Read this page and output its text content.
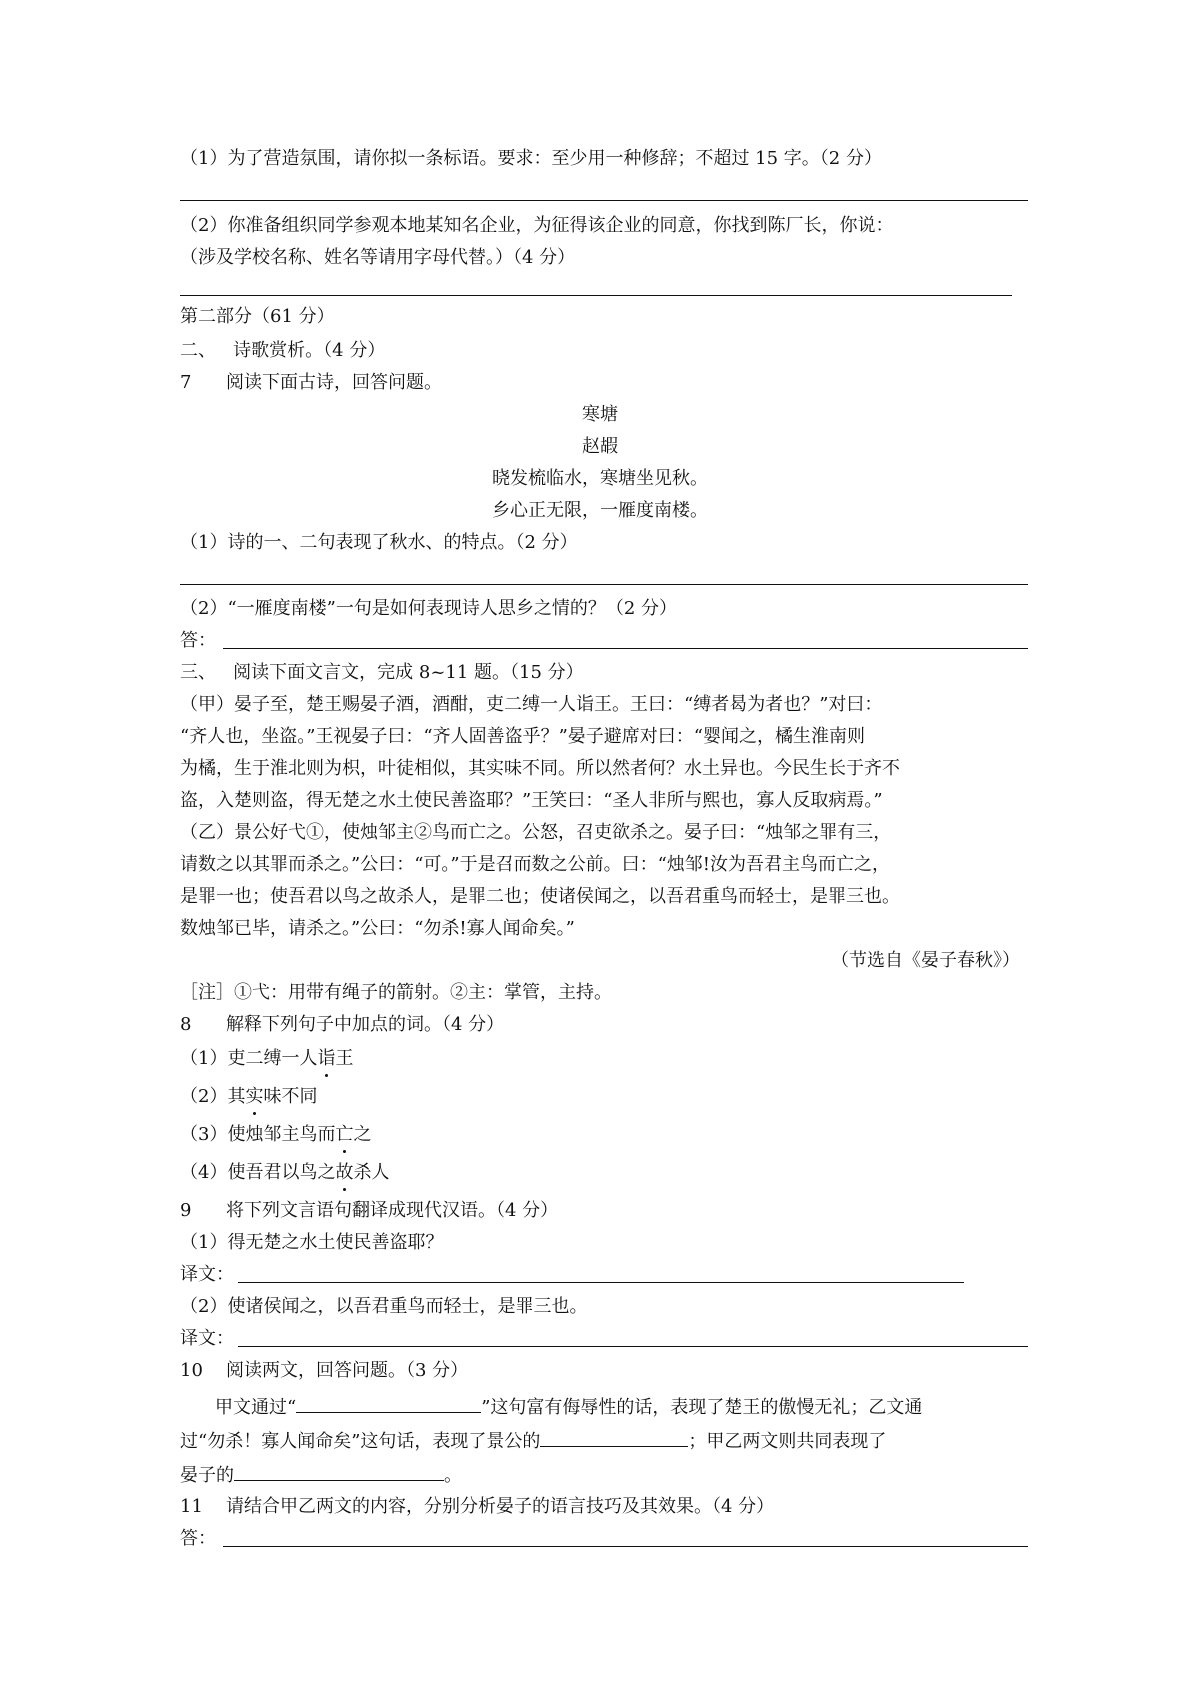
（1）为了营造氛围，请你拟一条标语。要求：至少用一种修辞；不超过 15 字。（2 分）
（2）你准备组织同学参观本地某知名企业，为征得该企业的同意，你找到陈厂长，你说：
（涉及学校名称、姓名等请用字母代替。）（4 分）
第二部分（61 分）
二、 诗歌赏析。（4 分）
7 阅读下面古诗，回答问题。
寒塘
赵嘏
晓发梳临水，寒塘坐见秋。
乡心正无限，一雁度南楼。
（1）诗的一、二句表现了秋水、的特点。（2 分）
（2）“一雁度南楼”一句是如何表现诗人思乡之情的？（2 分）
答：
三、 阅读下面文言文，完成 8~11 题。（15 分）
（甲）晏子至，楚王赐晏子酒，酒酣，吏二缚一人诣王。王曰：“缚者曷为者也？”对曰：
“齐人也，坐盗。”王视晏子曰：“齐人固善盗乎？”晏子避席对曰：“婴闻之，橘生淮南则
为橘，生于淮北则为枳，叶徒相似，其实味不同。所以然者何？水土异也。今民生长于齐不
盗，入楚则盗，得无楚之水土使民善盗耶？”王笑曰：“圣人非所与熙也，寡人反取病焉。”
（乙）景公好弋①，使烛邹主②鸟而亡之。公怒，召吏欲杀之。晏子曰：“烛邹之罪有三，
请数之以其罪而杀之。”公曰：“可。”于是召而数之公前。曰：“烛邹!汝为吾君主鸟而亡之，
是罪一也；使吾君以鸟之故杀人，是罪二也；使诸侯闻之，以吾君重鸟而轻士，是罪三也。
数烛邹已毕，请杀之。”公曰：“勿杀!寡人闻命矣。”
（节选自《晏子春秋》）
［注］①弋：用带有绳子的箭射。②主：掌管，主持。
8 解释下列句子中加点的词。（4 分）
（1）吏二缚一人诣王
（2）其实味不同
（3）使烛邹主鸟而亡之
（4）使吾君以鸟之故杀人
9 将下列文言语句翻译成现代汉语。（4 分）
（1）得无楚之水土使民善盗耶？
译文：
（2）使诸侯闻之，以吾君重鸟而轻士，是罪三也。
译文：
10 阅读两文，回答问题。（3 分）
甲文通过“	”这句富有侮辱性的话，表现了楚王的傲慢无礼；乙文通
过“勿杀！寡人闻命矣”这句话，表现了景公的	；甲乙两文则共同表现了
晏子的	。
11 请结合甲乙两文的内容，分别分析晏子的语言技巧及其效果。（4 分）
答：
